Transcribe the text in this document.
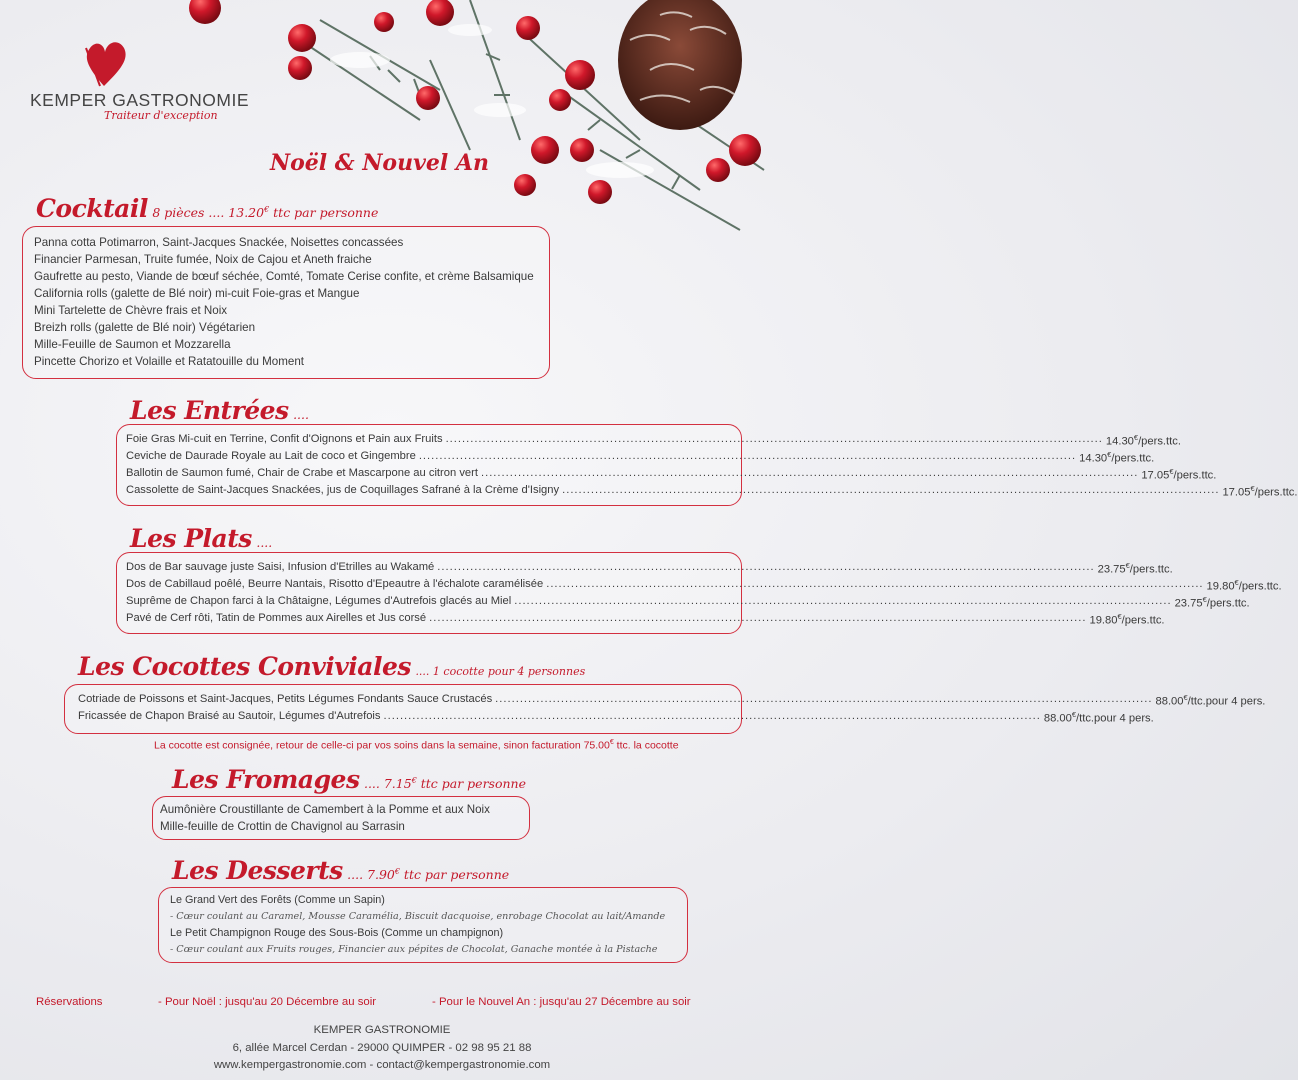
KEMPER GASTRONOMIE
Traiteur d'exception
Noël & Nouvel An
Cocktail 8 pièces .... 13.20€ ttc par personne
Panna cotta Potimarron, Saint-Jacques Snackée, Noisettes concassées
Financier Parmesan, Truite fumée, Noix de Cajou et Aneth fraiche
Gaufrette au pesto, Viande de bœuf séchée, Comté, Tomate Cerise confite, et crème Balsamique
California rolls (galette de Blé noir) mi-cuit Foie-gras et Mangue
Mini Tartelette de Chèvre frais et Noix
Breizh rolls (galette de Blé noir) Végétarien
Mille-Feuille de Saumon et Mozzarella
Pincette Chorizo et Volaille et Ratatouille du Moment
Les Entrées ....
Foie Gras Mi-cuit en Terrine, Confit d'Oignons et Pain aux Fruits ................................................................................................................................................................ 14.30€/pers.ttc.
Ceviche de Daurade Royale au Lait de coco et Gingembre ................................................................................................................................................................ 14.30€/pers.ttc.
Ballotin de Saumon fumé, Chair de Crabe et Mascarpone au citron vert ................................................................................................................................................................ 17.05€/pers.ttc.
Cassolette de Saint-Jacques Snackées, jus de Coquillages Safrané à la Crème d'Isigny ................................................................................................................................................................ 17.05€/pers.ttc.
Les Plats ....
Dos de Bar sauvage juste Saisi, Infusion d'Etrilles au Wakamé ................................................................................................................................................................ 23.75€/pers.ttc.
Dos de Cabillaud poêlé, Beurre Nantais, Risotto d'Epeautre à l'échalote caramélisée ................................................................................................................................................................ 19.80€/pers.ttc.
Suprême de Chapon farci à la Châtaigne, Légumes d'Autrefois glacés au Miel ................................................................................................................................................................ 23.75€/pers.ttc.
Pavé de Cerf rôti, Tatin de Pommes aux Airelles et Jus corsé ................................................................................................................................................................ 19.80€/pers.ttc.
Les Cocottes Conviviales .... 1 cocotte pour 4 personnes
Cotriade de Poissons et Saint-Jacques, Petits Légumes Fondants Sauce Crustacés ................................................................................................................................................................ 88.00€/ttc.pour 4 pers.
Fricassée de Chapon Braisé au Sautoir, Légumes d'Autrefois ................................................................................................................................................................ 88.00€/ttc.pour 4 pers.
La cocotte est consignée, retour de celle-ci par vos soins dans la semaine, sinon facturation 75.00€ ttc. la cocotte
Les Fromages .... 7.15€ ttc par personne
Aumônière Croustillante de Camembert à la Pomme et aux Noix
Mille-feuille de Crottin de Chavignol au Sarrasin
Les Desserts .... 7.90€ ttc par personne
Le Grand Vert des Forêts (Comme un Sapin)
- Cœur coulant au Caramel, Mousse Caramélia, Biscuit dacquoise, enrobage Chocolat au lait/Amande
Le Petit Champignon Rouge des Sous-Bois (Comme un champignon)
- Cœur coulant aux Fruits rouges, Financier aux pépites de Chocolat, Ganache montée à la Pistache
Réservations	- Pour Noël : jusqu'au 20 Décembre au soir	- Pour le Nouvel An : jusqu'au 27 Décembre au soir
KEMPER GASTRONOMIE
6, allée Marcel Cerdan - 29000 QUIMPER - 02 98 95 21 88
www.kempergastronomie.com - contact@kempergastronomie.com
